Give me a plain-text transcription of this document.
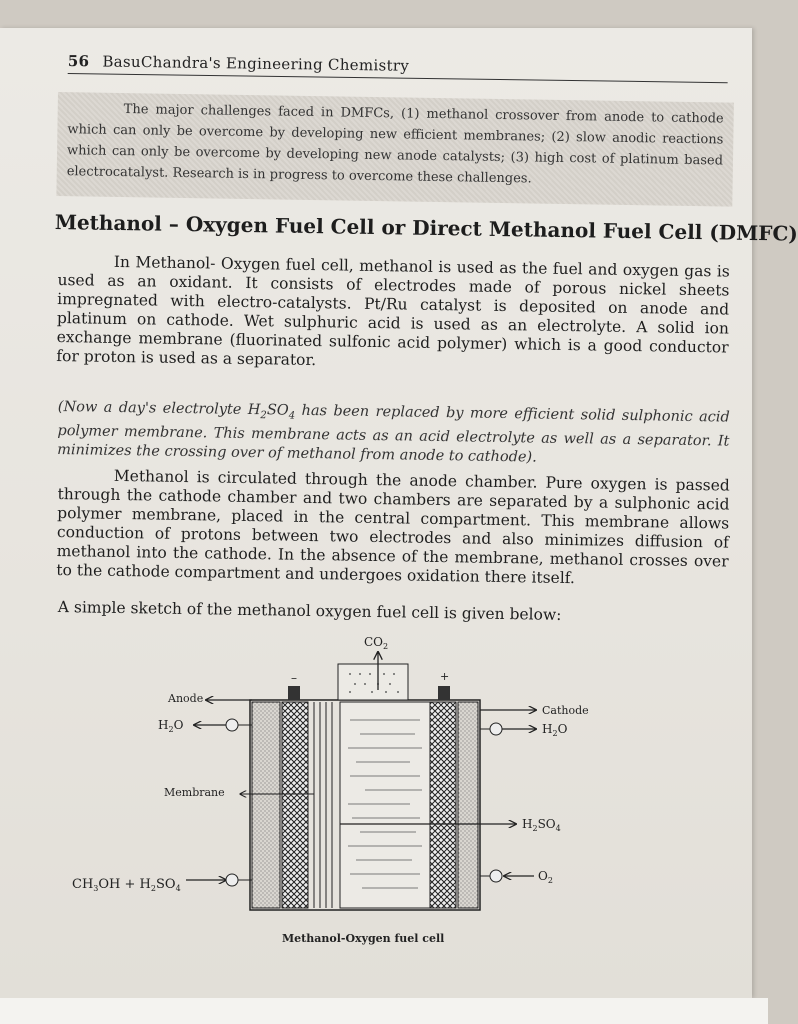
56 BasuChandra's Engineering Chemistry

The major challenges faced in DMFCs, (1) methanol crossover from anode to cathode which can only be overcome by developing new efficient membranes; (2) slow anodic reactions which can only be overcome by developing new anode catalysts; (3) high cost of platinum based electrocatalyst. Research is in progress to overcome these challenges.

Methanol – Oxygen Fuel Cell or Direct Methanol Fuel Cell (DMFC)

In Methanol- Oxygen fuel cell, methanol is used as the fuel and oxygen gas is used as an oxidant. It consists of electrodes made of porous nickel sheets impregnated with electro-catalysts. Pt/Ru catalyst is deposited on anode and platinum on cathode. Wet sulphuric acid is used as an electrolyte. A solid ion exchange membrane (fluorinated sulfonic acid polymer) which is a good conductor for proton is used as a separator.

(Now a day's electrolyte $H_2SO_4$ has been replaced by more efficient solid sulphonic acid polymer membrane. This membrane acts as an acid electrolyte as well as a separator. It minimizes the crossing over of methanol from anode to cathode).

Methanol is circulated through the anode chamber. Pure oxygen is passed through the cathode chamber and two chambers are separated by a sulphonic acid polymer membrane, placed in the central compartment. This membrane allows conduction of protons between two electrodes and also minimizes diffusion of methanol into the cathode. In the absence of the membrane, methanol crosses over to the cathode compartment and undergoes oxidation there itself.

A simple sketch of the methanol oxygen fuel cell is given below:

$CO_2$
–	+
Anode
$H_2O$
Membrane
$CH_3OH + H_2SO_4$
Cathode
$H_2O$
$H_2SO_4$
$O_2$
Methanol-Oxygen fuel cell
